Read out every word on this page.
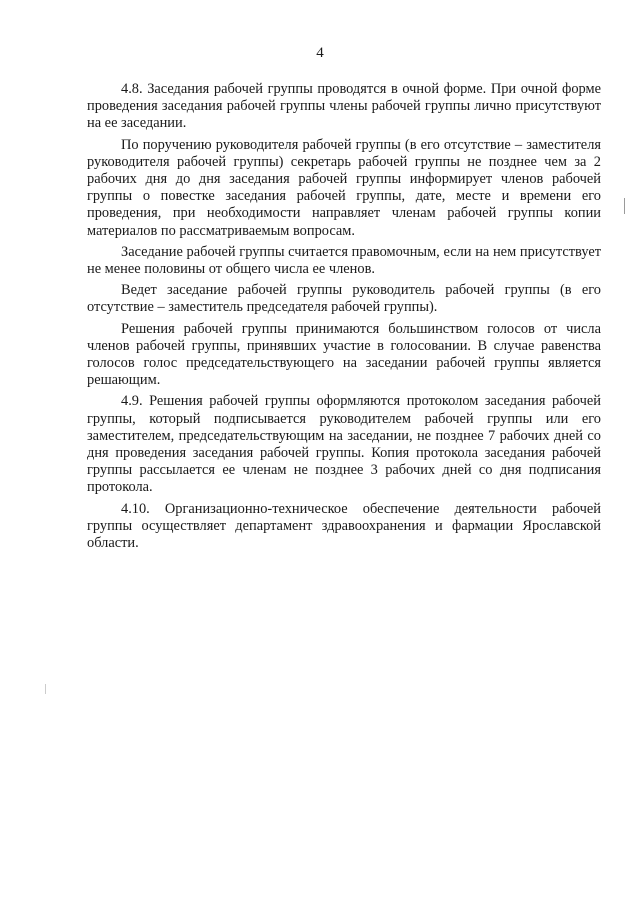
4

4.8. Заседания рабочей группы проводятся в очной форме. При очной форме проведения заседания рабочей группы члены рабочей группы лично присутствуют на ее заседании.

По поручению руководителя рабочей группы (в его отсутствие – заместителя руководителя рабочей группы) секретарь рабочей группы не позднее чем за 2 рабочих дня до дня заседания рабочей группы информирует членов рабочей группы о повестке заседания рабочей группы, дате, месте и времени его проведения, при необходимости направляет членам рабочей группы копии материалов по рассматриваемым вопросам.

Заседание рабочей группы считается правомочным, если на нем присутствует не менее половины от общего числа ее членов.

Ведет заседание рабочей группы руководитель рабочей группы (в его отсутствие – заместитель председателя рабочей группы).

Решения рабочей группы принимаются большинством голосов от числа членов рабочей группы, принявших участие в голосовании. В случае равенства голосов голос председательствующего на заседании рабочей группы является решающим.

4.9. Решения рабочей группы оформляются протоколом заседания рабочей группы, который подписывается руководителем рабочей группы или его заместителем, председательствующим на заседании, не позднее 7 рабочих дней со дня проведения заседания рабочей группы. Копия протокола заседания рабочей группы рассылается ее членам не позднее 3 рабочих дней со дня подписания протокола.

4.10. Организационно-техническое обеспечение деятельности рабочей группы осуществляет департамент здравоохранения и фармации Ярославской области.
